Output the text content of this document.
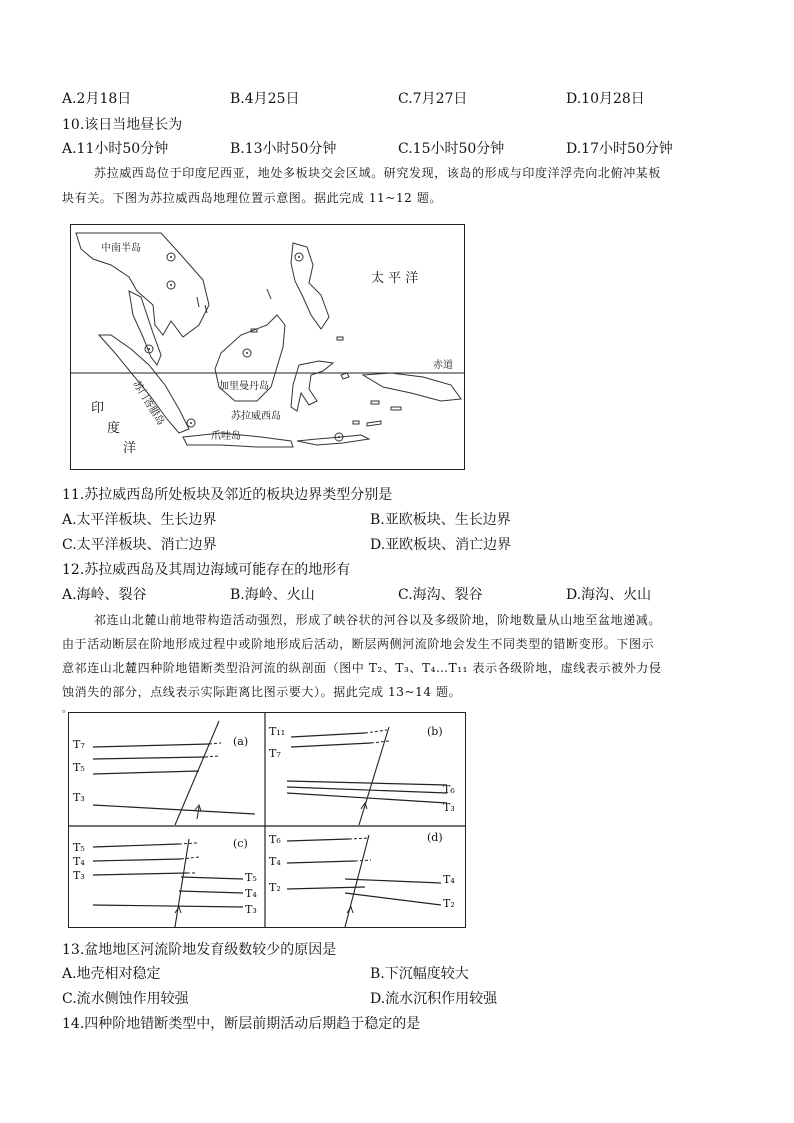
A.2月18日	B.4月25日	C.7月27日	D.10月28日
10.该日当地昼长为
A.11小时50分钟	B.13小时50分钟	C.15小时50分钟	D.17小时50分钟
苏拉威西岛位于印度尼西亚，地处多板块交会区域。研究发现，该岛的形成与印度洋浮壳向北俯冲某板
块有关。下图为苏拉威西岛地理位置示意图。据此完成 11~12 题。
中南半岛
太 平 洋
赤道
加里曼丹岛
苏拉威西岛
苏门答腊岛
爪哇岛
印
度
洋
11.苏拉威西岛所处板块及邻近的板块边界类型分别是
A.太平洋板块、生长边界	B.亚欧板块、生长边界
C.太平洋板块、消亡边界	D.亚欧板块、消亡边界
12.苏拉威西岛及其周边海域可能存在的地形有
A.海岭、裂谷	B.海岭、火山	C.海沟、裂谷	D.海沟、火山
祁连山北麓山前地带构造活动强烈，形成了峡谷状的河谷以及多级阶地，阶地数量从山地至盆地递减。
由于活动断层在阶地形成过程中或阶地形成后活动，断层两侧河流阶地会发生不同类型的错断变形。下图示
意祁连山北麓四种阶地错断类型沿河流的纵剖面（图中 T₂、T₃、T₄…T₁₁ 表示各级阶地，虚线表示被外力侵
蚀消失的部分，点线表示实际距离比图示要大）。据此完成 13~14 题。
。
(a)
T₇
T₅
T₃
(b)
T₁₁
T₇
T₆
T₃
(c)
T₅
T₄
T₃	T₅
T₄
T₃
(d)
T₆
T₄
T₂
T₄
T₂
13.盆地地区河流阶地发育级数较少的原因是
A.地壳相对稳定	B.下沉幅度较大
C.流水侧蚀作用较强	D.流水沉积作用较强
14.四种阶地错断类型中，断层前期活动后期趋于稳定的是
